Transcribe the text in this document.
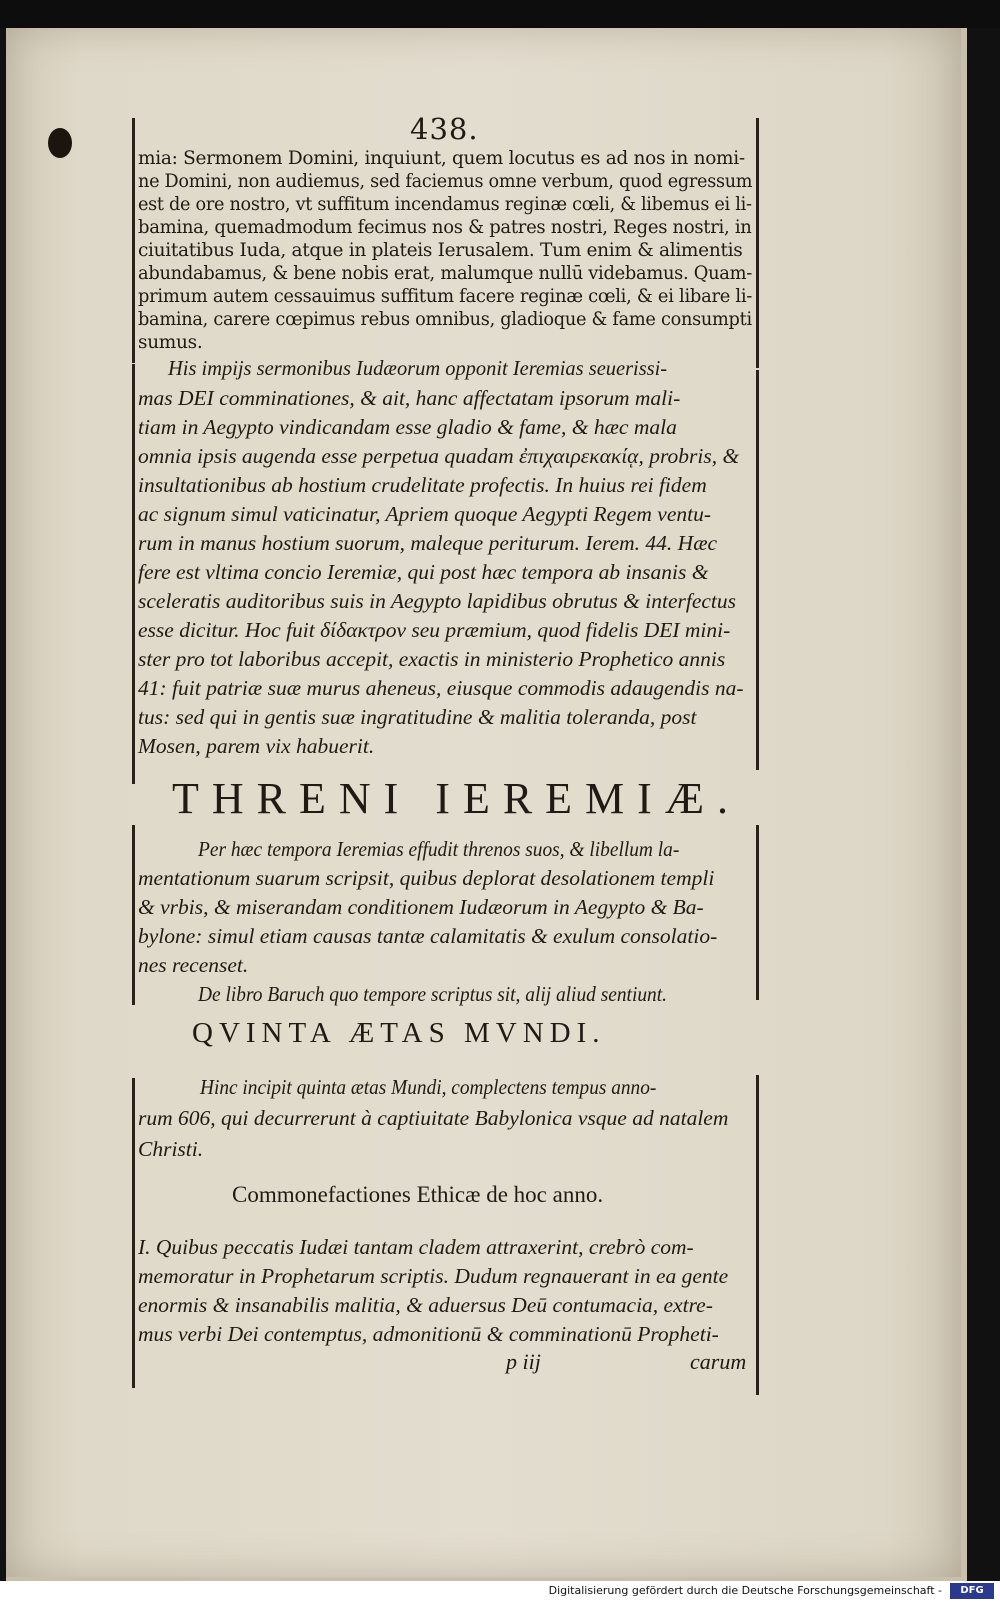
438.
mia: Sermonem Domini, inquiunt, quem locutus es ad nos in nomi-
ne Domini, non audiemus, sed faciemus omne verbum, quod egressum
est de ore nostro, vt suffitum incendamus reginæ cœli, & libemus ei li-
bamina, quemadmodum fecimus nos & patres nostri, Reges nostri, in
ciuitatibus Iuda, atque in plateis Ierusalem. Tum enim & alimentis
abundabamus, & bene nobis erat, malumque nullū videbamus. Quam-
primum autem cessauimus suffitum facere reginæ cœli, & ei libare li-
bamina, carere cœpimus rebus omnibus, gladioque & fame consumpti
sumus.
His impijs sermonibus Iudæorum opponit Ieremias seuerissi-
mas DEI comminationes, & ait, hanc affectatam ipsorum mali-
tiam in Aegypto vindicandam esse gladio & fame, & hæc mala
omnia ipsis augenda esse perpetua quadam ἐπιχαιρεκακίᾳ, probris, &
insultationibus ab hostium crudelitate profectis. In huius rei fidem
ac signum simul vaticinatur, Apriem quoque Aegypti Regem ventu-
rum in manus hostium suorum, maleque periturum. Ierem. 44. Hæc
fere est vltima concio Ieremiæ, qui post hæc tempora ab insanis &
sceleratis auditoribus suis in Aegypto lapidibus obrutus & interfectus
esse dicitur. Hoc fuit δίδακτρον seu præmium, quod fidelis DEI mini-
ster pro tot laboribus accepit, exactis in ministerio Prophetico annis
41: fuit patriæ suæ murus aheneus, eiusque commodis adaugendis na-
tus: sed qui in gentis suæ ingratitudine & malitia toleranda, post
Mosen, parem vix habuerit.
THRENI IEREMIÆ.
Per hæc tempora Ieremias effudit threnos suos, & libellum la-
mentationum suarum scripsit, quibus deplorat desolationem templi
& vrbis, & miserandam conditionem Iudæorum in Aegypto & Ba-
bylone: simul etiam causas tantæ calamitatis & exulum consolatio-
nes recenset.
De libro Baruch quo tempore scriptus sit, alij aliud sentiunt.
QVINTA ÆTAS MVNDI.
Hinc incipit quinta ætas Mundi, complectens tempus anno-
rum 606, qui decurrerunt à captiuitate Babylonica vsque ad natalem
Christi.
Commonefactiones Ethicæ de hoc anno.
I. Quibus peccatis Iudæi tantam cladem attraxerint, crebrò com-
memoratur in Prophetarum scriptis. Dudum regnauerant in ea gente
enormis & insanabilis malitia, & aduersus Deū contumacia, extre-
mus verbi Dei contemptus, admonitionū & comminationū Propheti-
p iij	carum
Digitalisierung gefördert durch die Deutsche Forschungsgemeinschaft -	DFG
